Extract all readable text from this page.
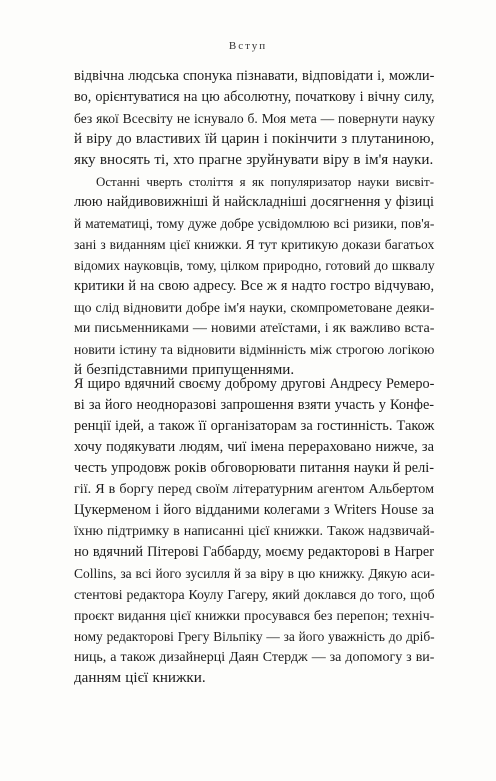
Вступ

відвічна людська спонука пізнавати, відповідати і, можли-
во, орієнтуватися на цю абсолютну, початкову і вічну силу,
без якої Всесвіту не існувало б. Моя мета — повернути науку
й віру до властивих їй царин і покінчити з плутаниною,
яку вносять ті, хто прагне зруйнувати віру в ім'я науки.

Останні чверть століття я як популяризатор науки висвіт-
люю найдивовижніші й найскладніші досягнення у фізиці
й математиці, тому дуже добре усвідомлюю всі ризики, пов'я-
зані з виданням цієї книжки. Я тут критикую докази багатьох
відомих науковців, тому, цілком природно, готовий до шквалу
критики й на свою адресу. Все ж я надто гостро відчуваю,
що слід відновити добре ім'я науки, скомпрометоване деяки-
ми письменниками — новими атеїстами, і як важливо вста-
новити істину та відновити відмінність між строгою логікою
й безпідставними припущеннями.

Я щиро вдячний своєму доброму другові Андресу Ремеро-
ві за його неодноразові запрошення взяти участь у Конфе-
ренції ідей, а також її організаторам за гостинність. Також
хочу подякувати людям, чиї імена перераховано нижче, за
честь упродовж років обговорювати питання науки й релі-
гії. Я в боргу перед своїм літературним агентом Альбертом
Цукерменом і його відданими колегами з Writers House за
їхню підтримку в написанні цієї книжки. Також надзвичай-
но вдячний Пітерові Габбарду, моєму редакторові в Harper
Collins, за всі його зусилля й за віру в цю книжку. Дякую аси-
стентові редактора Коулу Гагеру, який доклався до того, щоб
проєкт видання цієї книжки просувався без перепон; техніч-
ному редакторові Грегу Вільпіку — за його уважність до дріб-
ниць, а також дизайнерці Даян Стердж — за допомогу з ви-
данням цієї книжки.
